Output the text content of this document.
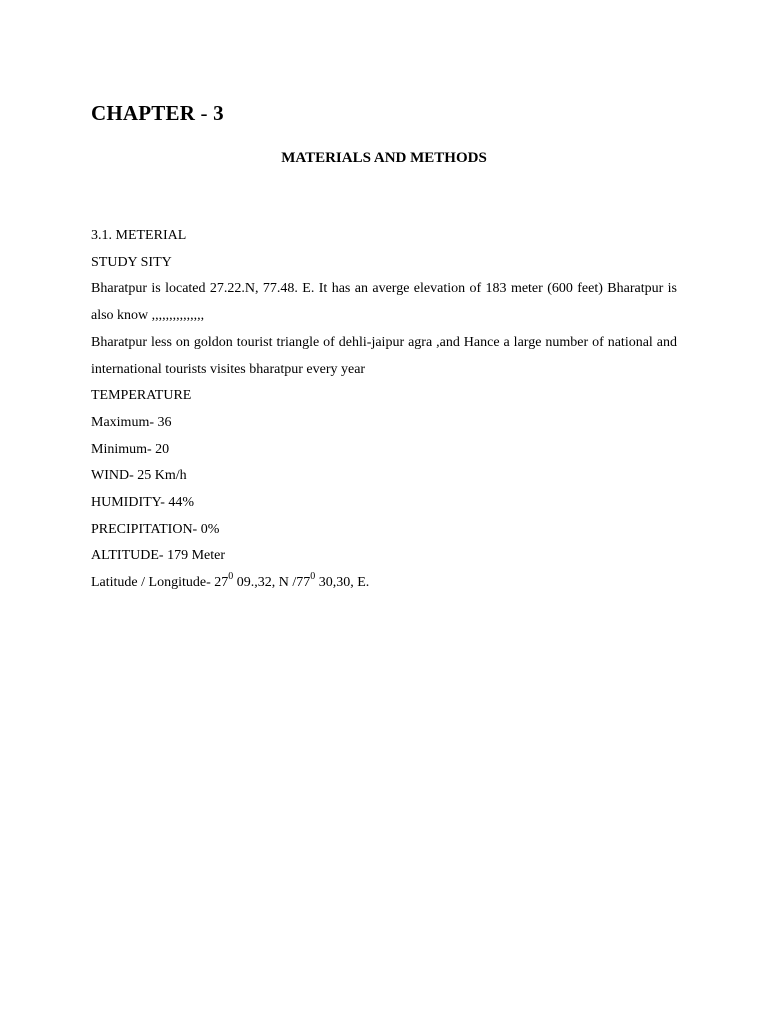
CHAPTER - 3
MATERIALS AND METHODS
3.1. METERIAL
STUDY SITY
Bharatpur is located 27.22.N, 77.48. E. It has an averge elevation of 183 meter (600 feet) Bharatpur is also know ,,,,,,,,,,,,,,,
Bharatpur less on goldon tourist triangle of dehli-jaipur agra ,and Hance a large number of national and international tourists visites bharatpur every year
TEMPERATURE
Maximum- 36
Minimum- 20
WIND- 25 Km/h
HUMIDITY- 44%
PRECIPITATION- 0%
ALTITUDE- 179 Meter
Latitude / Longitude- $27^0$ 09.,32, N $/77^0$ 30,30, E.
